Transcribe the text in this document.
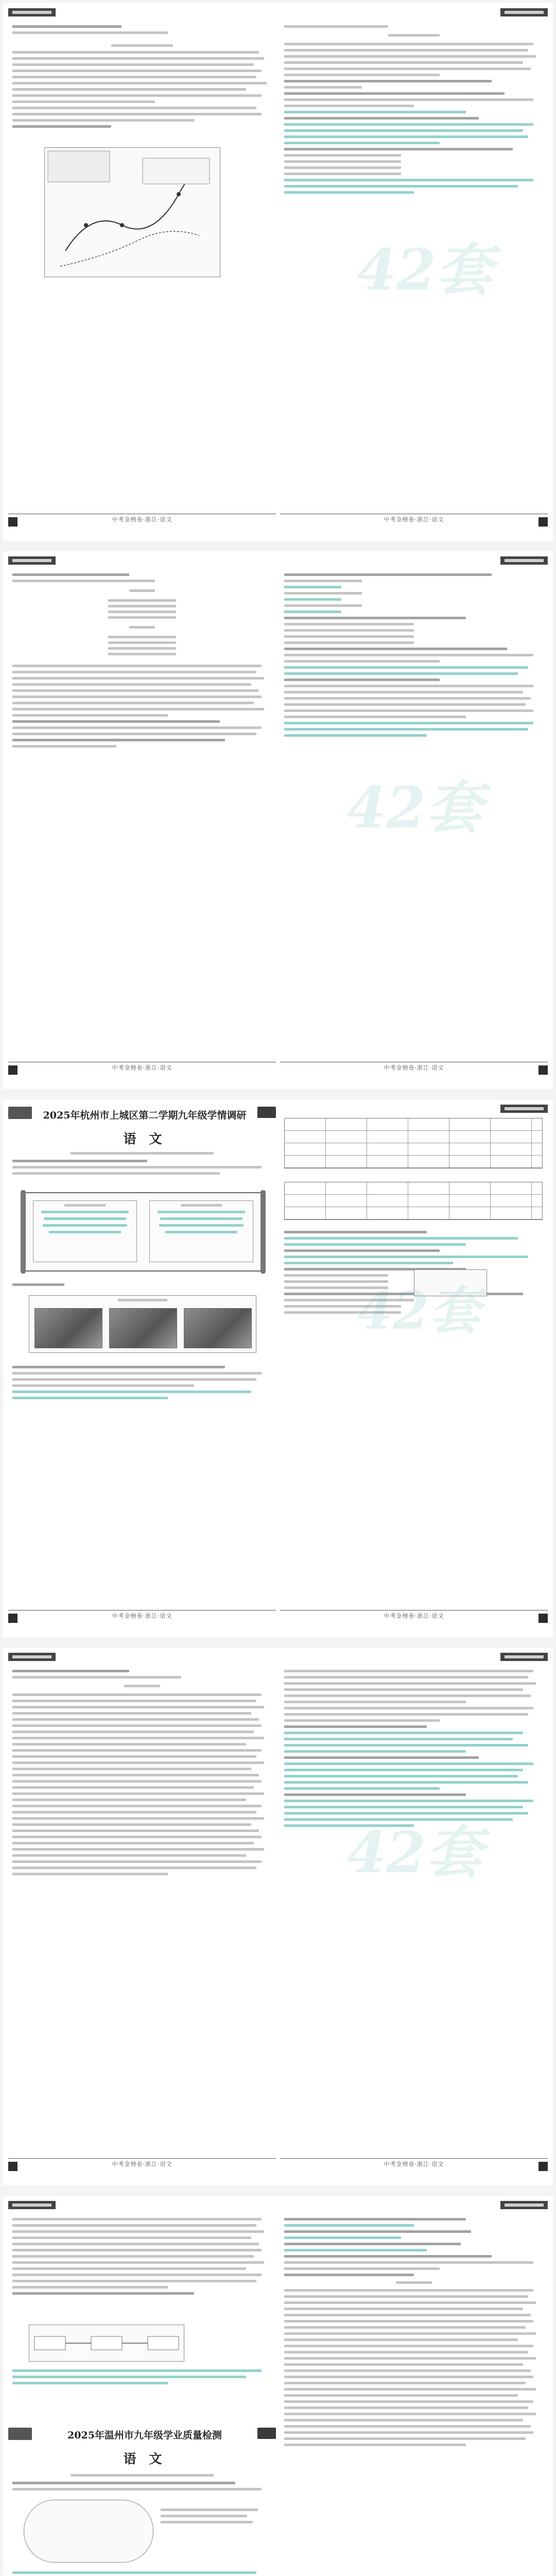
中考金榜卷·浙江·语文
42套
中考金榜卷·浙江·语文
中考金榜卷·浙江·语文
42套
中考金榜卷·浙江·语文
2025年杭州市上城区第二学期九年级学情调研
语 文
中考金榜卷·浙江·语文
42套
中考金榜卷·浙江·语文
中考金榜卷·浙江·语文
42套
中考金榜卷·浙江·语文
2025年温州市九年级学业质量检测
语 文
